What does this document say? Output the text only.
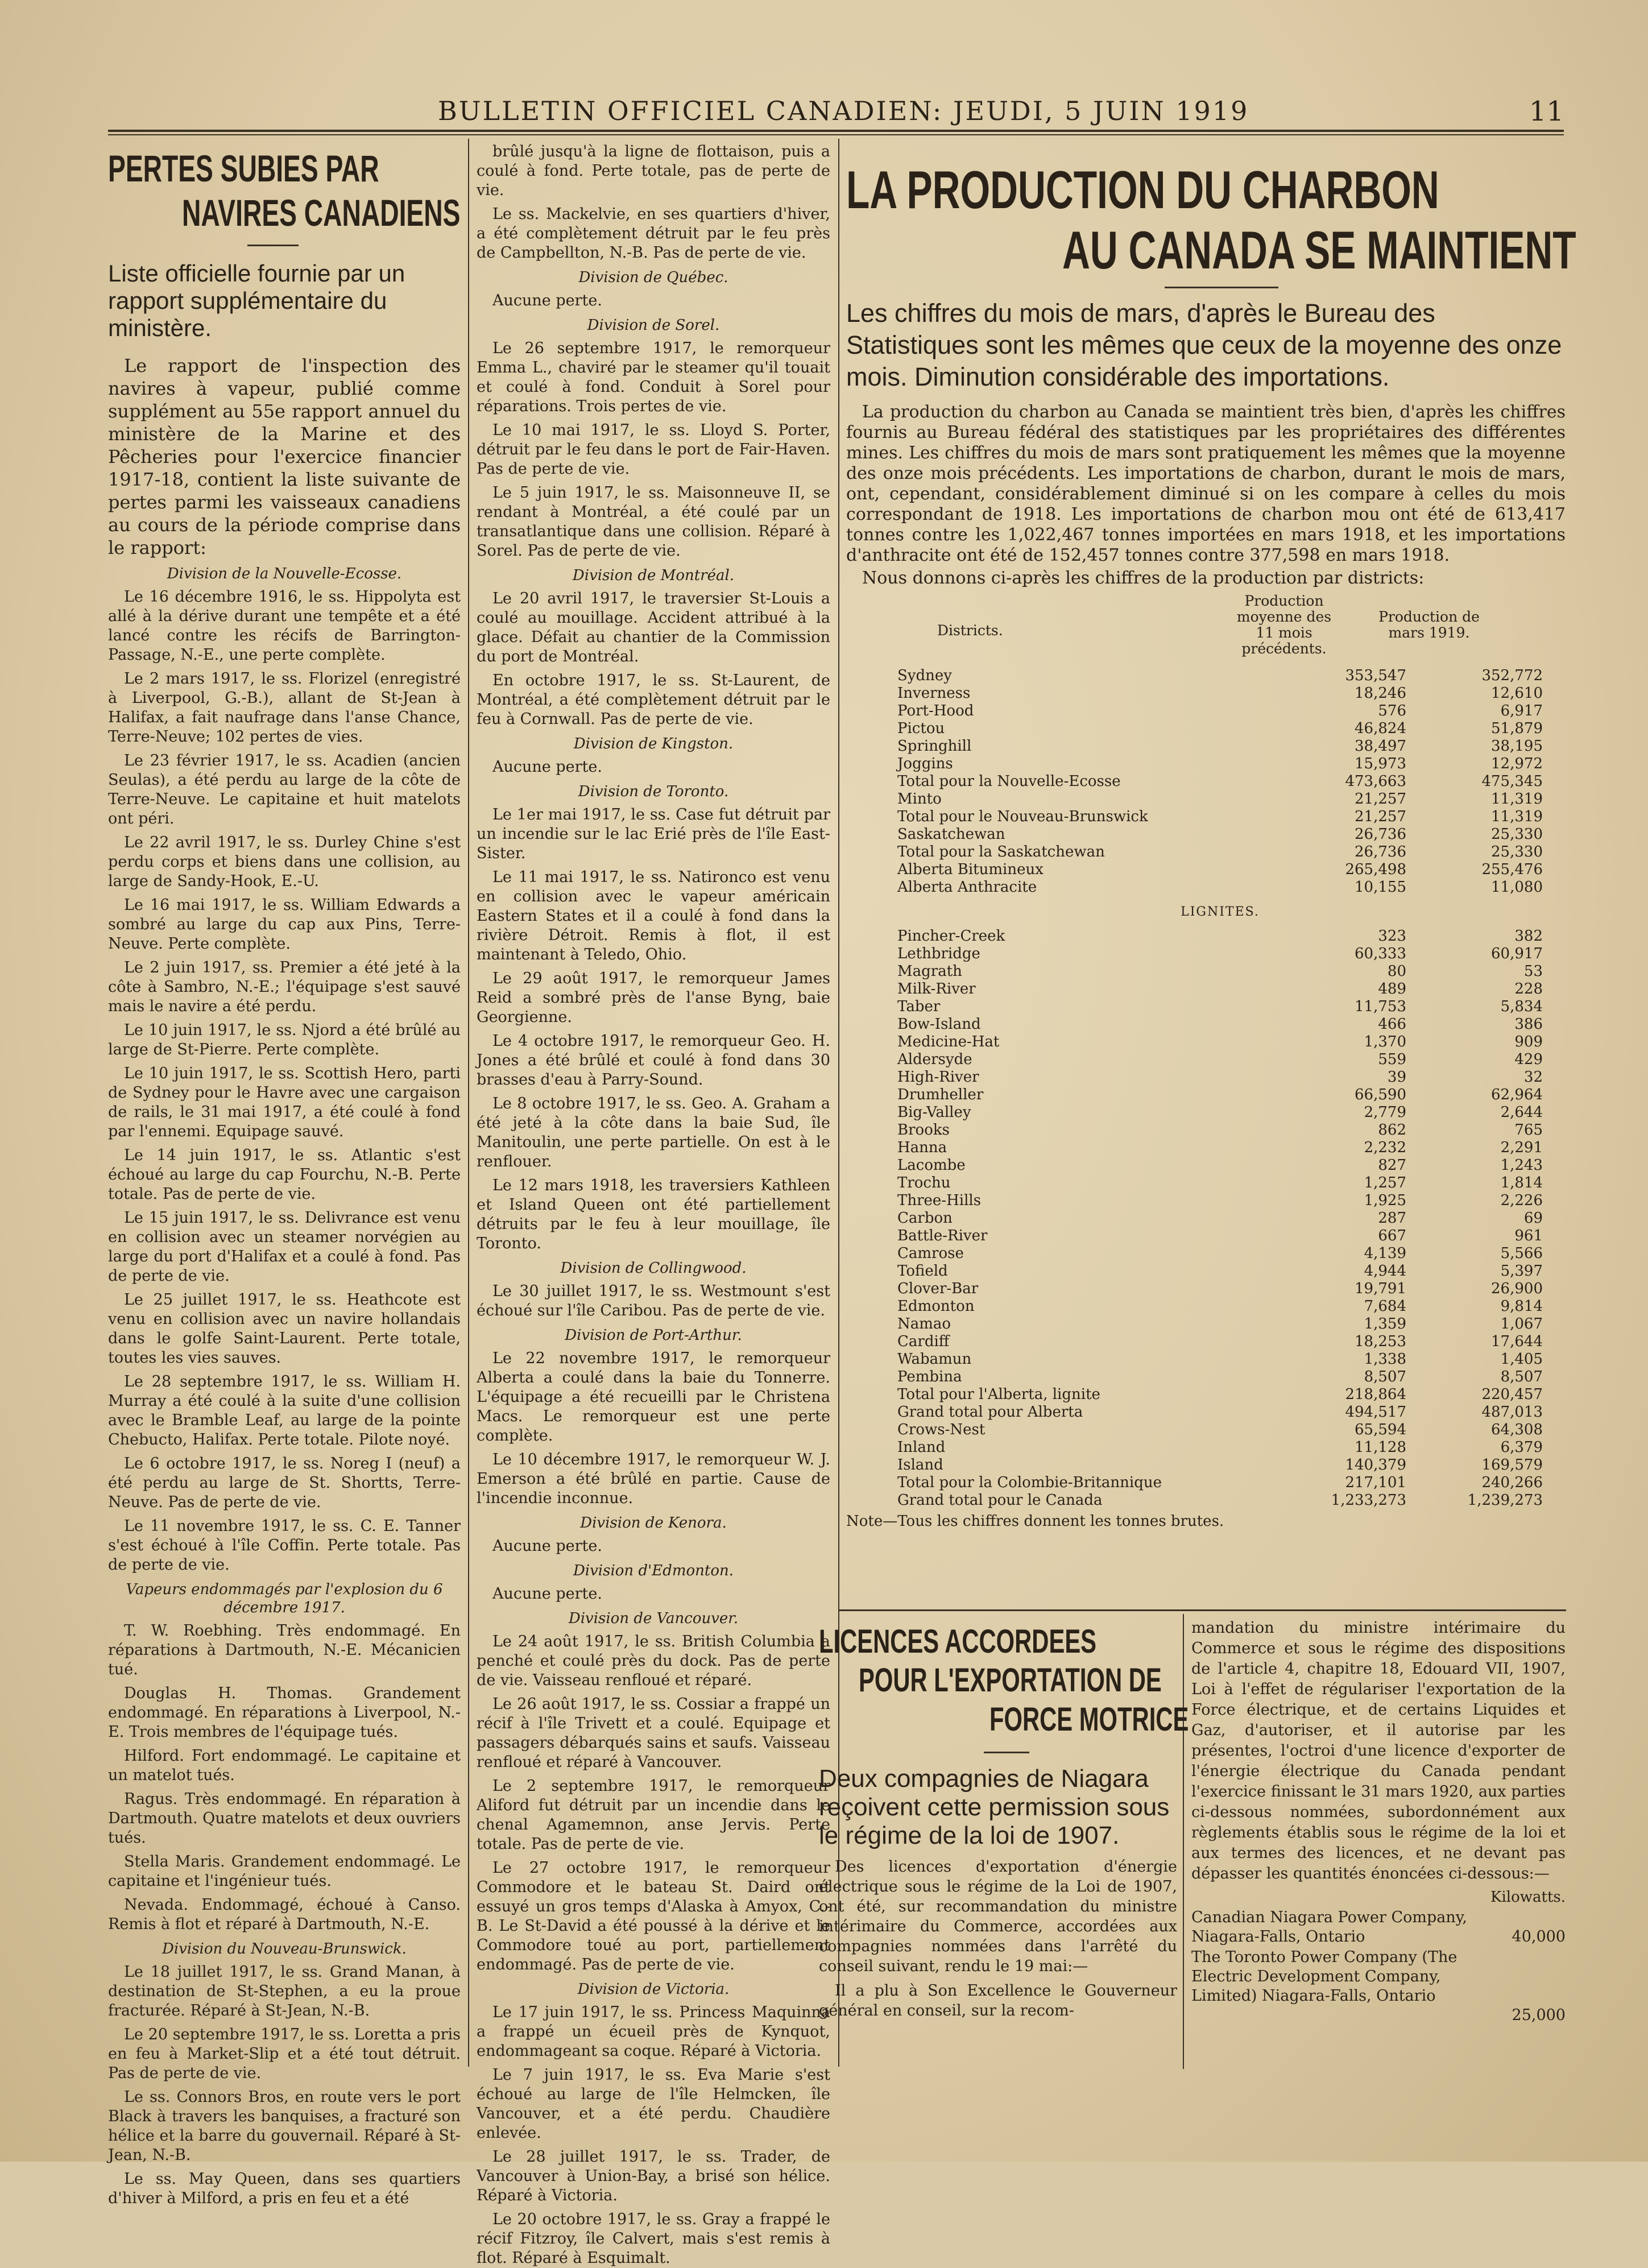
BULLETIN OFFICIEL CANADIEN: JEUDI, 5 JUIN 1919	11
PERTES SUBIES PAR
NAVIRES CANADIENS
Liste officielle fournie par un rapport supplémentaire du ministère.

Le rapport de l'inspection des navires à vapeur, publié comme supplément au 55e rapport annuel du ministère de la Marine et des Pêcheries pour l'exercice financier 1917-18, contient la liste suivante de pertes parmi les vaisseaux canadiens au cours de la période comprise dans le rapport:

Division de la Nouvelle-Ecosse.

Le 16 décembre 1916, le ss. Hippolyta est allé à la dérive durant une tempête et a été lancé contre les récifs de Barrington-Passage, N.-E., une perte complète.

Le 2 mars 1917, le ss. Florizel (enregistré à Liverpool, G.-B.), allant de St-Jean à Halifax, a fait naufrage dans l'anse Chance, Terre-Neuve; 102 pertes de vies.

Le 23 février 1917, le ss. Acadien (ancien Seulas), a été perdu au large de la côte de Terre-Neuve. Le capitaine et huit matelots ont péri.

Le 22 avril 1917, le ss. Durley Chine s'est perdu corps et biens dans une collision, au large de Sandy-Hook, E.-U.

Le 16 mai 1917, le ss. William Edwards a sombré au large du cap aux Pins, Terre-Neuve. Perte complète.

Le 2 juin 1917, ss. Premier a été jeté à la côte à Sambro, N.-E.; l'équipage s'est sauvé mais le navire a été perdu.

Le 10 juin 1917, le ss. Njord a été brûlé au large de St-Pierre. Perte complète.

Le 10 juin 1917, le ss. Scottish Hero, parti de Sydney pour le Havre avec une cargaison de rails, le 31 mai 1917, a été coulé à fond par l'ennemi. Equipage sauvé.

Le 14 juin 1917, le ss. Atlantic s'est échoué au large du cap Fourchu, N.-B. Perte totale. Pas de perte de vie.

Le 15 juin 1917, le ss. Delivrance est venu en collision avec un steamer norvégien au large du port d'Halifax et a coulé à fond. Pas de perte de vie.

Le 25 juillet 1917, le ss. Heathcote est venu en collision avec un navire hollandais dans le golfe Saint-Laurent. Perte totale, toutes les vies sauves.

Le 28 septembre 1917, le ss. William H. Murray a été coulé à la suite d'une collision avec le Bramble Leaf, au large de la pointe Chebucto, Halifax. Perte totale. Pilote noyé.

Le 6 octobre 1917, le ss. Noreg I (neuf) a été perdu au large de St. Shortts, Terre-Neuve. Pas de perte de vie.

Le 11 novembre 1917, le ss. C. E. Tanner s'est échoué à l'île Coffin. Perte totale. Pas de perte de vie.

Vapeurs endommagés par l'explosion du 6 décembre 1917.

T. W. Roebhing. Très endommagé. En réparations à Dartmouth, N.-E. Mécanicien tué.

Douglas H. Thomas. Grandement endommagé. En réparations à Liverpool, N.-E. Trois membres de l'équipage tués.

Hilford. Fort endommagé. Le capitaine et un matelot tués.

Ragus. Très endommagé. En réparation à Dartmouth. Quatre matelots et deux ouvriers tués.

Stella Maris. Grandement endommagé. Le capitaine et l'ingénieur tués.

Nevada. Endommagé, échoué à Canso. Remis à flot et réparé à Dartmouth, N.-E.

Division du Nouveau-Brunswick.

Le 18 juillet 1917, le ss. Grand Manan, à destination de St-Stephen, a eu la proue fracturée. Réparé à St-Jean, N.-B.

Le 20 septembre 1917, le ss. Loretta a pris en feu à Market-Slip et a été tout détruit. Pas de perte de vie.

Le ss. Connors Bros, en route vers le port Black à travers les banquises, a fracturé son hélice et la barre du gouvernail. Réparé à St- Jean, N.-B.

Le ss. May Queen, dans ses quartiers d'hiver à Milford, a pris en feu et a été

brûlé jusqu'à la ligne de flottaison, puis a coulé à fond. Perte totale, pas de perte de vie.

Le ss. Mackelvie, en ses quartiers d'hiver, a été complètement détruit par le feu près de Campbellton, N.-B. Pas de perte de vie.

Division de Québec.

Aucune perte.

Division de Sorel.

Le 26 septembre 1917, le remorqueur Emma L., chaviré par le steamer qu'il touait et coulé à fond. Conduit à Sorel pour réparations. Trois pertes de vie.

Le 10 mai 1917, le ss. Lloyd S. Porter, détruit par le feu dans le port de Fair-Haven. Pas de perte de vie.

Le 5 juin 1917, le ss. Maisonneuve II, se rendant à Montréal, a été coulé par un transatlantique dans une collision. Réparé à Sorel. Pas de perte de vie.

Division de Montréal.

Le 20 avril 1917, le traversier St-Louis a coulé au mouillage. Accident attribué à la glace. Défait au chantier de la Commission du port de Montréal.

En octobre 1917, le ss. St-Laurent, de Montréal, a été complètement détruit par le feu à Cornwall. Pas de perte de vie.

Division de Kingston.

Aucune perte.

Division de Toronto.

Le 1er mai 1917, le ss. Case fut détruit par un incendie sur le lac Erié près de l'île East-Sister.

Le 11 mai 1917, le ss. Natironco est venu en collision avec le vapeur américain Eastern States et il a coulé à fond dans la rivière Détroit. Remis à flot, il est maintenant à Teledo, Ohio.

Le 29 août 1917, le remorqueur James Reid a sombré près de l'anse Byng, baie Georgienne.

Le 4 octobre 1917, le remorqueur Geo. H. Jones a été brûlé et coulé à fond dans 30 brasses d'eau à Parry-Sound.

Le 8 octobre 1917, le ss. Geo. A. Graham a été jeté à la côte dans la baie Sud, île Manitoulin, une perte partielle. On est à le renflouer.

Le 12 mars 1918, les traversiers Kathleen et Island Queen ont été partiellement détruits par le feu à leur mouillage, île Toronto.

Division de Collingwood.

Le 30 juillet 1917, le ss. Westmount s'est échoué sur l'île Caribou. Pas de perte de vie.

Division de Port-Arthur.

Le 22 novembre 1917, le remorqueur Alberta a coulé dans la baie du Tonnerre. L'équipage a été recueilli par le Christena Macs. Le remorqueur est une perte complète.

Le 10 décembre 1917, le remorqueur W. J. Emerson a été brûlé en partie. Cause de l'incendie inconnue.

Division de Kenora.

Aucune perte.

Division d'Edmonton.

Aucune perte.

Division de Vancouver.

Le 24 août 1917, le ss. British Columbia a penché et coulé près du dock. Pas de perte de vie. Vaisseau renfloué et réparé.

Le 26 août 1917, le ss. Cossiar a frappé un récif à l'île Trivett et a coulé. Equipage et passagers débarqués sains et saufs. Vaisseau renfloué et réparé à Vancouver.

Le 2 septembre 1917, le remorqueur Aliford fut détruit par un incendie dans le chenal Agamemnon, anse Jervis. Perte totale. Pas de perte de vie.

Le 27 octobre 1917, le remorqueur Commodore et le bateau St. Daird ont essuyé un gros temps d'Alaska à Amyox, C.-B. Le St-David a été poussé à la dérive et le Commodore toué au port, partiellement endommagé. Pas de perte de vie.

Division de Victoria.

Le 17 juin 1917, le ss. Princess Maquinna a frappé un écueil près de Kynquot, endommageant sa coque. Réparé à Victoria.

Le 7 juin 1917, le ss. Eva Marie s'est échoué au large de l'île Helmcken, île Vancouver, et a été perdu. Chaudière enlevée.

Le 28 juillet 1917, le ss. Trader, de Vancouver à Union-Bay, a brisé son hélice. Réparé à Victoria.

Le 20 octobre 1917, le ss. Gray a frappé le récif Fitzroy, île Calvert, mais s'est remis à flot. Réparé à Esquimalt.

LA PRODUCTION DU CHARBON
AU CANADA SE MAINTIENT
Les chiffres du mois de mars, d'après le Bureau des Statistiques sont les mêmes que ceux de la moyenne des onze mois. Diminution considérable des importations.

La production du charbon au Canada se maintient très bien, d'après les chiffres fournis au Bureau fédéral des statistiques par les propriétaires des différentes mines. Les chiffres du mois de mars sont pratiquement les mêmes que la moyenne des onze mois précédents. Les importations de charbon, durant le mois de mars, ont, cependant, considérablement diminué si on les compare à celles du mois correspondant de 1918. Les importations de charbon mou ont été de 613,417 tonnes contre les 1,022,467 tonnes importées en mars 1918, et les importations d'anthracite ont été de 152,457 tonnes contre 377,598 en mars 1918.

Nous donnons ci-après les chiffres de la production par districts:

Districts.
Production moyenne des 11 mois précédents.
Production de mars 1919.
Sydney	353,547	352,772
Inverness	18,246	12,610
Port-Hood	576	6,917
Pictou	46,824	51,879
Springhill	38,497	38,195
Joggins	15,973	12,972
Total pour la Nouvelle-Ecosse	473,663	475,345
Minto	21,257	11,319
Total pour le Nouveau-Brunswick	21,257	11,319
Saskatchewan	26,736	25,330
Total pour la Saskatchewan	26,736	25,330
Alberta Bitumineux	265,498	255,476
Alberta Anthracite	10,155	11,080
LIGNITES.		
Pincher-Creek	323	382
Lethbridge	60,333	60,917
Magrath	80	53
Milk-River	489	228
Taber	11,753	5,834
Bow-Island	466	386
Medicine-Hat	1,370	909
Aldersyde	559	429
High-River	39	32
Drumheller	66,590	62,964
Big-Valley	2,779	2,644
Brooks	862	765
Hanna	2,232	2,291
Lacombe	827	1,243
Trochu	1,257	1,814
Three-Hills	1,925	2,226
Carbon	287	69
Battle-River	667	961
Camrose	4,139	5,566
Tofield	4,944	5,397
Clover-Bar	19,791	26,900
Edmonton	7,684	9,814
Namao	1,359	1,067
Cardiff	18,253	17,644
Wabamun	1,338	1,405
Pembina	8,507	8,507
Total pour l'Alberta, lignite	218,864	220,457
Grand total pour Alberta	494,517	487,013
Crows-Nest	65,594	64,308
Inland	11,128	6,379
Island	140,379	169,579
Total pour la Colombie-Britannique	217,101	240,266
Grand total pour le Canada	1,233,273	1,239,273
Note—Tous les chiffres donnent les tonnes brutes.
LICENCES ACCORDEES
POUR L'EXPORTATION DE
FORCE MOTRICE
Deux compagnies de Niagara reçoivent cette permission sous le régime de la loi de 1907.

Des licences d'exportation d'énergie électrique sous le régime de la Loi de 1907, ont été, sur recommandation du ministre intérimaire du Commerce, accordées aux compagnies nommées dans l'arrêté du conseil suivant, rendu le 19 mai:—

Il a plu à Son Excellence le Gouverneur général en conseil, sur la recom-

mandation du ministre intérimaire du Commerce et sous le régime des dispositions de l'article 4, chapitre 18, Edouard VII, 1907, Loi à l'effet de régulariser l'exportation de la Force électrique, et de certains Liquides et Gaz, d'autoriser, et il autorise par les présentes, l'octroi d'une licence d'exporter de l'énergie électrique du Canada pendant l'exercice finissant le 31 mars 1920, aux parties ci-dessous nommées, subordonnément aux règlements établis sous le régime de la loi et aux termes des licences, et ne devant pas dépasser les quantités énoncées ci-dessous:—

Kilowatts.
Canadian Niagara Power Company, Niagara-Falls, Ontario	40,000
The Toronto Power Company (The Electric Development Company, Limited) Niagara-Falls, Ontario
25,000
